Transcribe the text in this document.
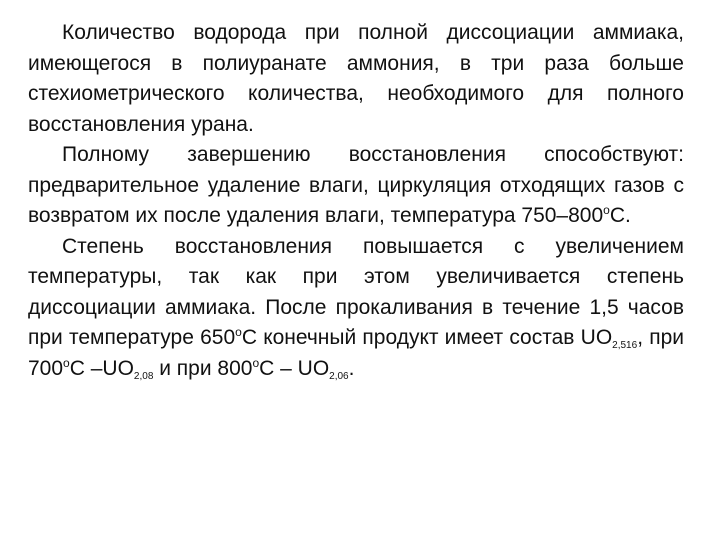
Количество водорода при полной диссоциации аммиака, имеющегося в полиуранате аммония, в три раза больше стехиометрического количества, необходимого для полного восстановления урана.

Полному завершению восстановления способствуют: предварительное удаление влаги, циркуляция отходящих газов с возвратом их после удаления влаги, температура $750-800^оС$.

Степень восстановления повышается с увеличением температуры, так как при этом увеличивается степень диссоциации аммиака. После прокаливания в течение 1,5 часов при температуре $650^оС$ конечный продукт имеет состав $UO_{2,516}$, при $700^оС$ $-UO_{2,08}$ и при $800^оС - UO_{2,06}$.
